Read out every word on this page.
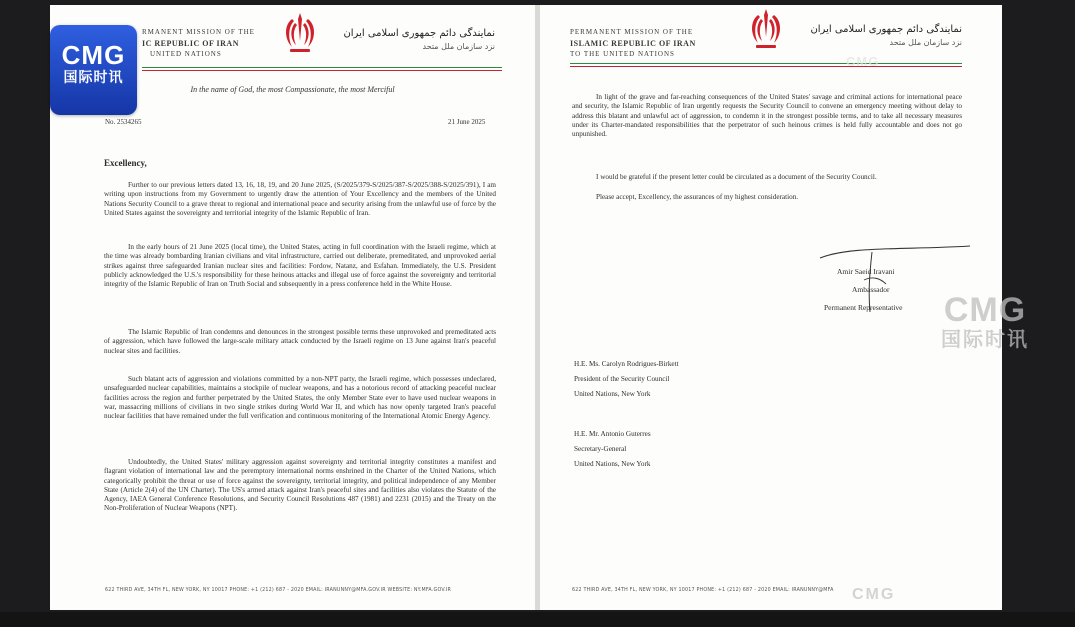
RMANENT MISSION OF THE
IC REPUBLIC OF IRAN
UNITED NATIONS
نمایندگی دائم جمهوری اسلامی ایران
نزد سازمان ملل متحد
In the name of God, the most Compassionate, the most Merciful
No. 2534265	21 June 2025
Excellency,

Further to our previous letters dated 13, 16, 18, 19, and 20 June 2025, (S/2025/379-S/2025/387-S/2025/388-S/2025/391), I am writing upon instructions from my Government to urgently draw the attention of Your Excellency and the members of the United Nations Security Council to a grave threat to regional and international peace and security arising from the unlawful use of force by the United States against the sovereignty and territorial integrity of the Islamic Republic of Iran.

In the early hours of 21 June 2025 (local time), the United States, acting in full coordination with the Israeli regime, which at the time was already bombarding Iranian civilians and vital infrastructure, carried out deliberate, premeditated, and unprovoked aerial strikes against three safeguarded Iranian nuclear sites and facilities: Fordow, Natanz, and Esfahan. Immediately, the U.S. President publicly acknowledged the U.S.'s responsibility for these heinous attacks and illegal use of force against the sovereignty and territorial integrity of the Islamic Republic of Iran on Truth Social and subsequently in a press conference held in the White House.

The Islamic Republic of Iran condemns and denounces in the strongest possible terms these unprovoked and premeditated acts of aggression, which have followed the large-scale military attack conducted by the Israeli regime on 13 June against Iran's peaceful nuclear sites and facilities.

Such blatant acts of aggression and violations committed by a non-NPT party, the Israeli regime, which possesses undeclared, unsafeguarded nuclear capabilities, maintains a stockpile of nuclear weapons, and has a notorious record of attacking peaceful nuclear facilities across the region and further perpetrated by the United States, the only Member State ever to have used nuclear weapons in war, massacring millions of civilians in two single strikes during World War II, and which has now openly targeted Iran's peaceful nuclear facilities that have remained under the full verification and continuous monitoring of the International Atomic Energy Agency.

Undoubtedly, the United States' military aggression against sovereignty and territorial integrity constitutes a manifest and flagrant violation of international law and the peremptory international norms enshrined in the Charter of the United Nations, which categorically prohibit the threat or use of force against the sovereignty, territorial integrity, and political independence of any Member State (Article 2(4) of the UN Charter). The US's armed attack against Iran's peaceful sites and facilities also violates the Statute of the Agency, IAEA General Conference Resolutions, and Security Council Resolutions 487 (1981) and 2231 (2015) and the Treaty on the Non-Proliferation of Nuclear Weapons (NPT).

622 THIRD AVE, 34TH FL, NEW YORK, NY 10017 PHONE: +1 (212) 687 - 2020 EMAIL: IRANUNNY@MFA.GOV.IR WEBSITE: NY.MFA.GOV.IR
PERMANENT MISSION OF THE
ISLAMIC REPUBLIC OF IRAN
TO THE UNITED NATIONS
نمایندگی دائم جمهوری اسلامی ایران
نزد سازمان ملل متحد

In light of the grave and far-reaching consequences of the United States' savage and criminal actions for international peace and security, the Islamic Republic of Iran urgently requests the Security Council to convene an emergency meeting without delay to address this blatant and unlawful act of aggression, to condemn it in the strongest possible terms, and to take all necessary measures under its Charter-mandated responsibilities that the perpetrator of such heinous crimes is held fully accountable and does not go unpunished.

I would be grateful if the present letter could be circulated as a document of the Security Council.

Please accept, Excellency, the assurances of my highest consideration.

Amir Saeid Iravani
Ambassador
Permanent Representative
H.E. Ms. Carolyn Rodrigues-Birkett
President of the Security Council
United Nations, New York
H.E. Mr. Antonio Guterres
Secretary-General
United Nations, New York
622 THIRD AVE, 34TH FL, NEW YORK, NY 10017 PHONE: +1 (212) 687 - 2020 EMAIL: IRANUNNY@MFA
CMG
国际时讯
CMG
国际时讯
CMG
CMG
